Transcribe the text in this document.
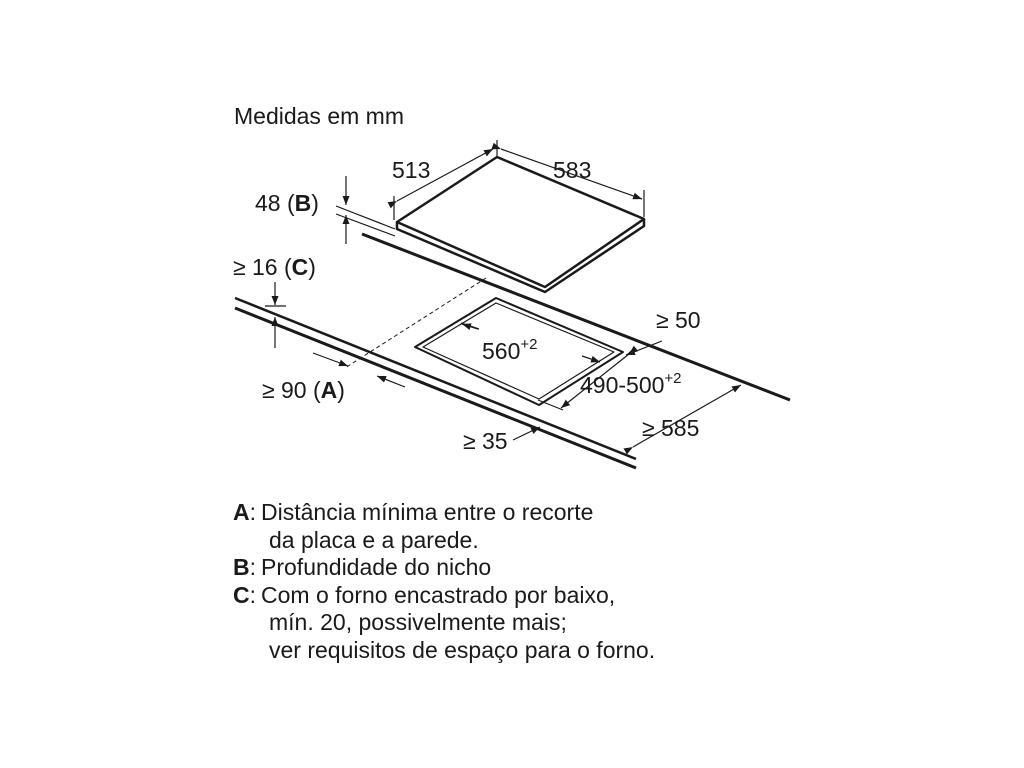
Medidas em mm
513	583
48 (B)
≥ 16 (C)
≥ 50
$560^{+2}$
$490-500^{+2}$
≥ 90 (A)
≥ 585
≥ 35
A : Distância mínima entre o recorte
da placa e a parede.
B : Profundidade do nicho
C : Com o forno encastrado por baixo,
mín. 20, possivelmente mais;
ver requisitos de espaço para o forno.
